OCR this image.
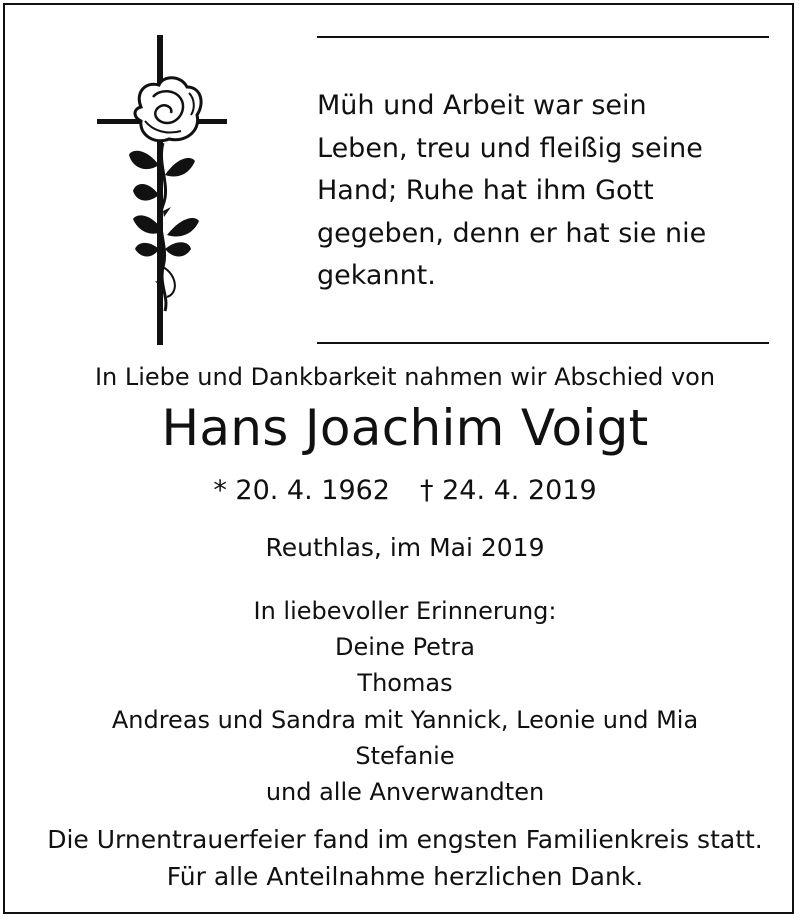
Müh und Arbeit war sein
Leben, treu und fleißig seine
Hand; Ruhe hat ihm Gott
gegeben, denn er hat sie nie
gekannt.

In Liebe und Dankbarkeit nahmen wir Abschied von

Hans Joachim Voigt

* 20. 4. 1962 † 24. 4. 2019

Reuthlas, im Mai 2019

In liebevoller Erinnerung:
Deine Petra
Thomas
Andreas und Sandra mit Yannick, Leonie und Mia
Stefanie
und alle Anverwandten
Die Urnentrauerfeier fand im engsten Familienkreis statt.
Für alle Anteilnahme herzlichen Dank.
